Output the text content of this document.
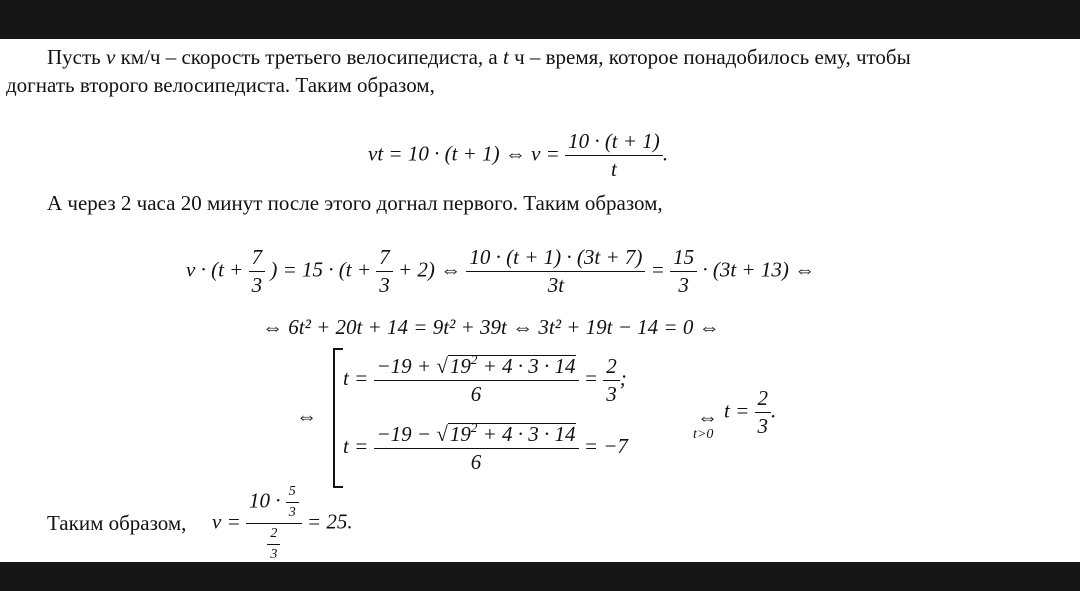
Пусть v км/ч – скорость третьего велосипедиста, а t ч – время, которое понадобилось ему, чтобы
догнать второго велосипедиста. Таким образом,
vt = 10 · (t + 1) ⇔ $v = \frac{10 \cdot (t + 1)}{t}$ .
А через 2 часа 20 минут после этого догнал первого. Таким образом,
$v \cdot (t + \frac{7}{3}$ ) = $15 \cdot (t + \frac{7}{3} + 2)$ ⇔ $\frac{10 \cdot (t + 1) \cdot (3t + 7)}{3t} = \frac{15}{3} \cdot (3t + 13)$ ⇔
⇔ 6t² + 20t + 14 = 9t² + 39t ⇔ 3t² + 19t − 14 = 0 ⇔
⇔
$t = \frac{-19 + √19^2 + 4 \cdot 3 \cdot 14}{6} = \frac{2}{3}$ ;
$t = \frac{-19 - √19^2 + 4 \cdot 3 \cdot 14}{6} = -7$
⇔
t>0
$t = \frac{2}{3}$ .
Таким образом, $v = \frac{10 \cdot \frac{5}{3}}{\frac{2}{3}} = 25$.
